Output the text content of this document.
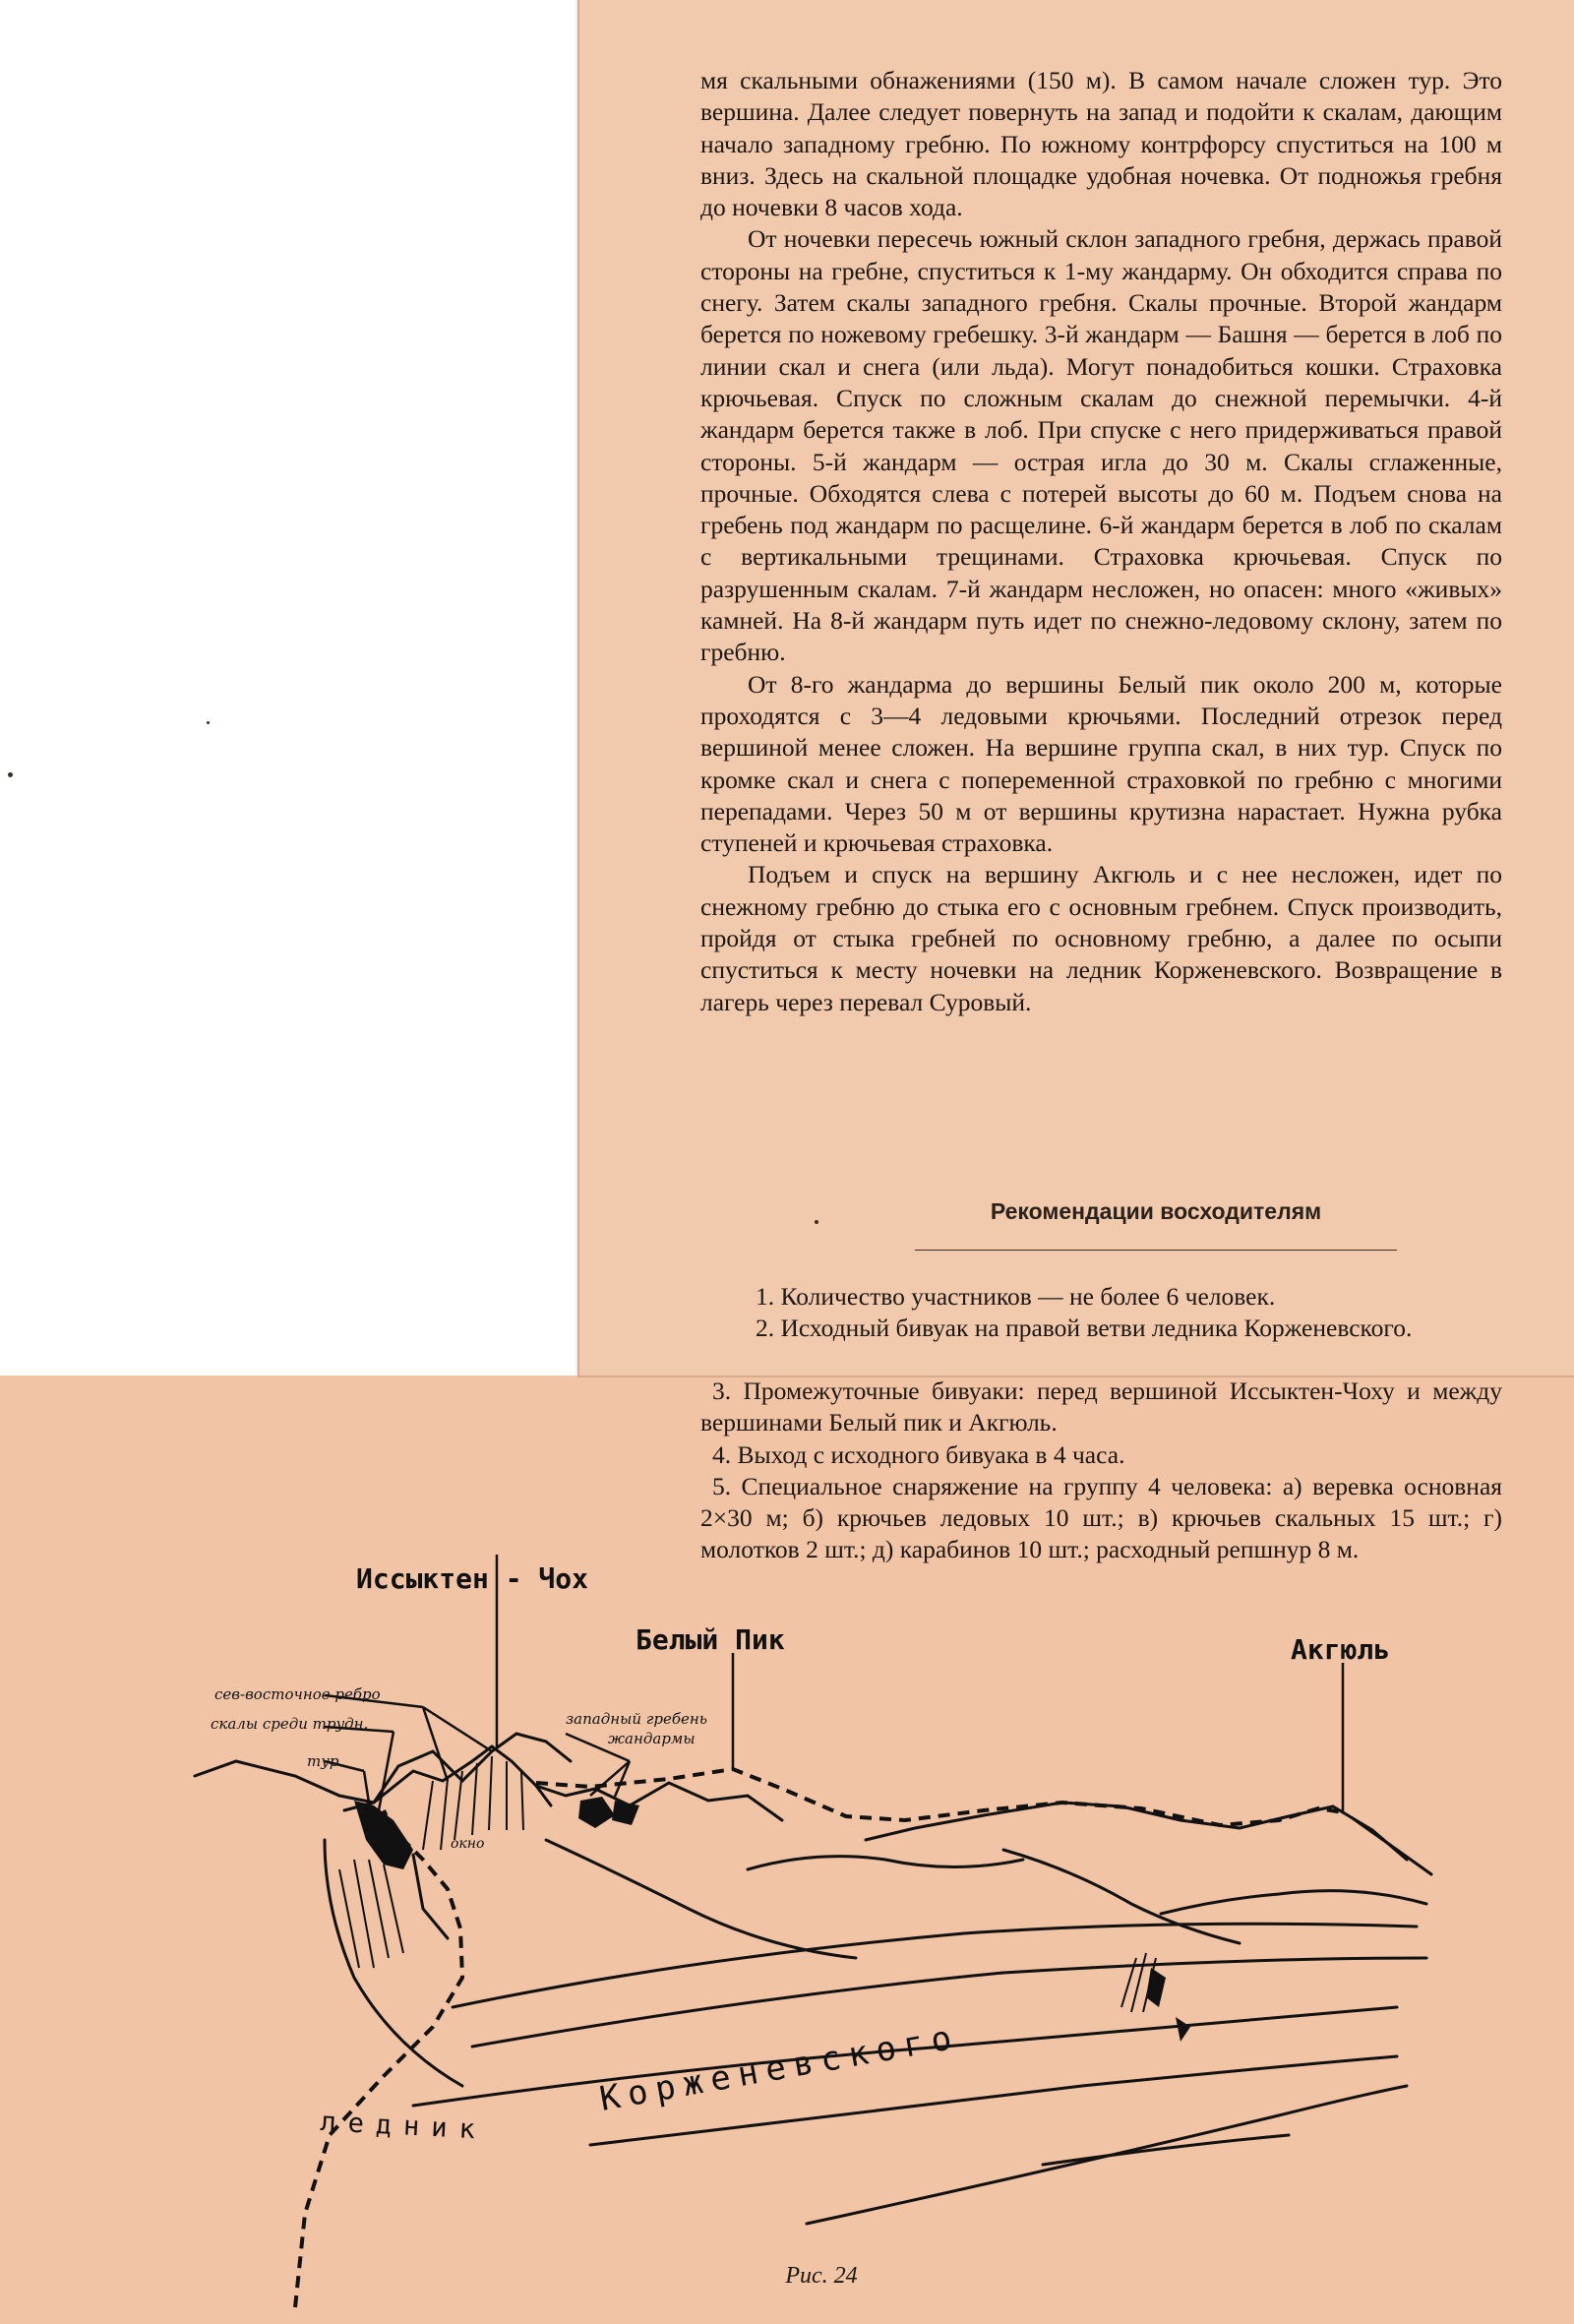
мя скальными обнажениями (150 м). В самом начале сложен тур. Это вершина. Далее следует повернуть на запад и подойти к скалам, дающим начало западному гребню. По южному контрфорсу спуститься на 100 м вниз. Здесь на скальной площадке удобная ночевка. От подножья гребня до ночевки 8 часов хода.

От ночевки пересечь южный склон западного гребня, держась правой стороны на гребне, спуститься к 1-му жандарму. Он обходится справа по снегу. Затем скалы западного гребня. Скалы прочные. Второй жандарм берется по ножевому гребешку. 3-й жандарм — Башня — берется в лоб по линии скал и снега (или льда). Могут понадобиться кошки. Страховка крючьевая. Спуск по сложным скалам до снежной перемычки. 4-й жандарм берется также в лоб. При спуске с него придерживаться правой стороны. 5-й жандарм — острая игла до 30 м. Скалы сглаженные, прочные. Обходятся слева с потерей высоты до 60 м. Подъем снова на гребень под жандарм по расщелине. 6-й жандарм берется в лоб по скалам с вертикальными трещинами. Страховка крючьевая. Спуск по разрушенным скалам. 7-й жандарм несложен, но опасен: много «живых» камней. На 8-й жандарм путь идет по снежно-ледовому склону, затем по гребню.

От 8-го жандарма до вершины Белый пик около 200 м, которые проходятся с 3—4 ледовыми крючьями. Последний отрезок перед вершиной менее сложен. На вершине группа скал, в них тур. Спуск по кромке скал и снега с попеременной страховкой по гребню с многими перепадами. Через 50 м от вершины крутизна нарастает. Нужна рубка ступеней и крючьевая страховка.

Подъем и спуск на вершину Акгюль и с нее несложен, идет по снежному гребню до стыка его с основным гребнем. Спуск производить, пройдя от стыка гребней по основному гребню, а далее по осыпи спуститься к месту ночевки на ледник Корженевского. Возвращение в лагерь через перевал Суровый.

Рекомендации восходителям

1. Количество участников — не более 6 человек.

2. Исходный бивуак на правой ветви ледника Корженевского.

3. Промежуточные бивуаки: перед вершиной Иссыктен-Чоху и между вершинами Белый пик и Акгюль.

4. Выход с исходного бивуака в 4 часа.

5. Специальное снаряжение на группу 4 человека: а) веревка основная 2×30 м; б) крючьев ледовых 10 шт.; в) крючьев скальных 15 шт.; г) молотков 2 шт.; д) карабинов 10 шт.; расходный репшнур 8 м.

Иссыктен - Чох
Белый Пик	Акгюль
сев-восточное ребро
скалы среди трудн.
тур
западный гребень
жандармы
окно
ледник
Корженевского
Рис. 24
